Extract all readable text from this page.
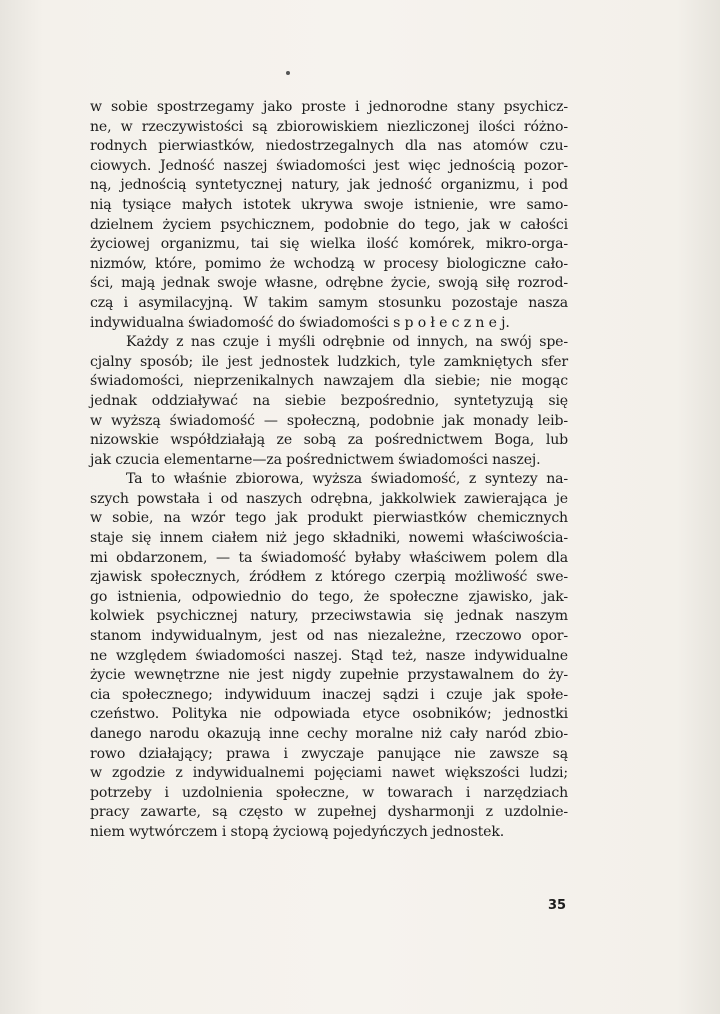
w sobie spostrzegamy jako proste i jednorodne stany psychicz-
ne, w rzeczywistości są zbiorowiskiem niezliczonej ilości różno-
rodnych pierwiastków, niedostrzegalnych dla nas atomów czu-
ciowych. Jedność naszej świadomości jest więc jednością pozor-
ną, jednością syntetycznej natury, jak jedność organizmu, i pod
nią tysiące małych istotek ukrywa swoje istnienie, wre samo-
dzielnem życiem psychicznem, podobnie do tego, jak w całości
życiowej organizmu, tai się wielka ilość komórek, mikro-orga-
nizmów, które, pomimo że wchodzą w procesy biologiczne cało-
ści, mają jednak swoje własne, odrębne życie, swoją siłę rozrod-
czą i asymilacyjną. W takim samym stosunku pozostaje nasza
indywidualna świadomość do świadomości s p o ł e c z n e j.
Każdy z nas czuje i myśli odrębnie od innych, na swój spe-
cjalny sposób; ile jest jednostek ludzkich, tyle zamkniętych sfer
świadomości, nieprzenikalnych nawzajem dla siebie; nie mogąc
jednak oddziaływać na siebie bezpośrednio, syntetyzują się
w wyższą świadomość — społeczną, podobnie jak monady leib-
nizowskie współdziałają ze sobą za pośrednictwem Boga, lub
jak czucia elementarne—za pośrednictwem świadomości naszej.
Ta to właśnie zbiorowa, wyższa świadomość, z syntezy na-
szych powstała i od naszych odrębna, jakkolwiek zawierająca je
w sobie, na wzór tego jak produkt pierwiastków chemicznych
staje się innem ciałem niż jego składniki, nowemi właściwościa-
mi obdarzonem, — ta świadomość byłaby właściwem polem dla
zjawisk społecznych, źródłem z którego czerpią możliwość swe-
go istnienia, odpowiednio do tego, że społeczne zjawisko, jak-
kolwiek psychicznej natury, przeciwstawia się jednak naszym
stanom indywidualnym, jest od nas niezależne, rzeczowo opor-
ne względem świadomości naszej. Stąd też, nasze indywidualne
życie wewnętrzne nie jest nigdy zupełnie przystawalnem do ży-
cia społecznego; indywiduum inaczej sądzi i czuje jak społe-
czeństwo. Polityka nie odpowiada etyce osobników; jednostki
danego narodu okazują inne cechy moralne niż cały naród zbio-
rowo działający; prawa i zwyczaje panujące nie zawsze są
w zgodzie z indywidualnemi pojęciami nawet większości ludzi;
potrzeby i uzdolnienia społeczne, w towarach i narzędziach
pracy zawarte, są często w zupełnej dysharmonji z uzdolnie-
niem wytwórczem i stopą życiową pojedyńczych jednostek.
35
